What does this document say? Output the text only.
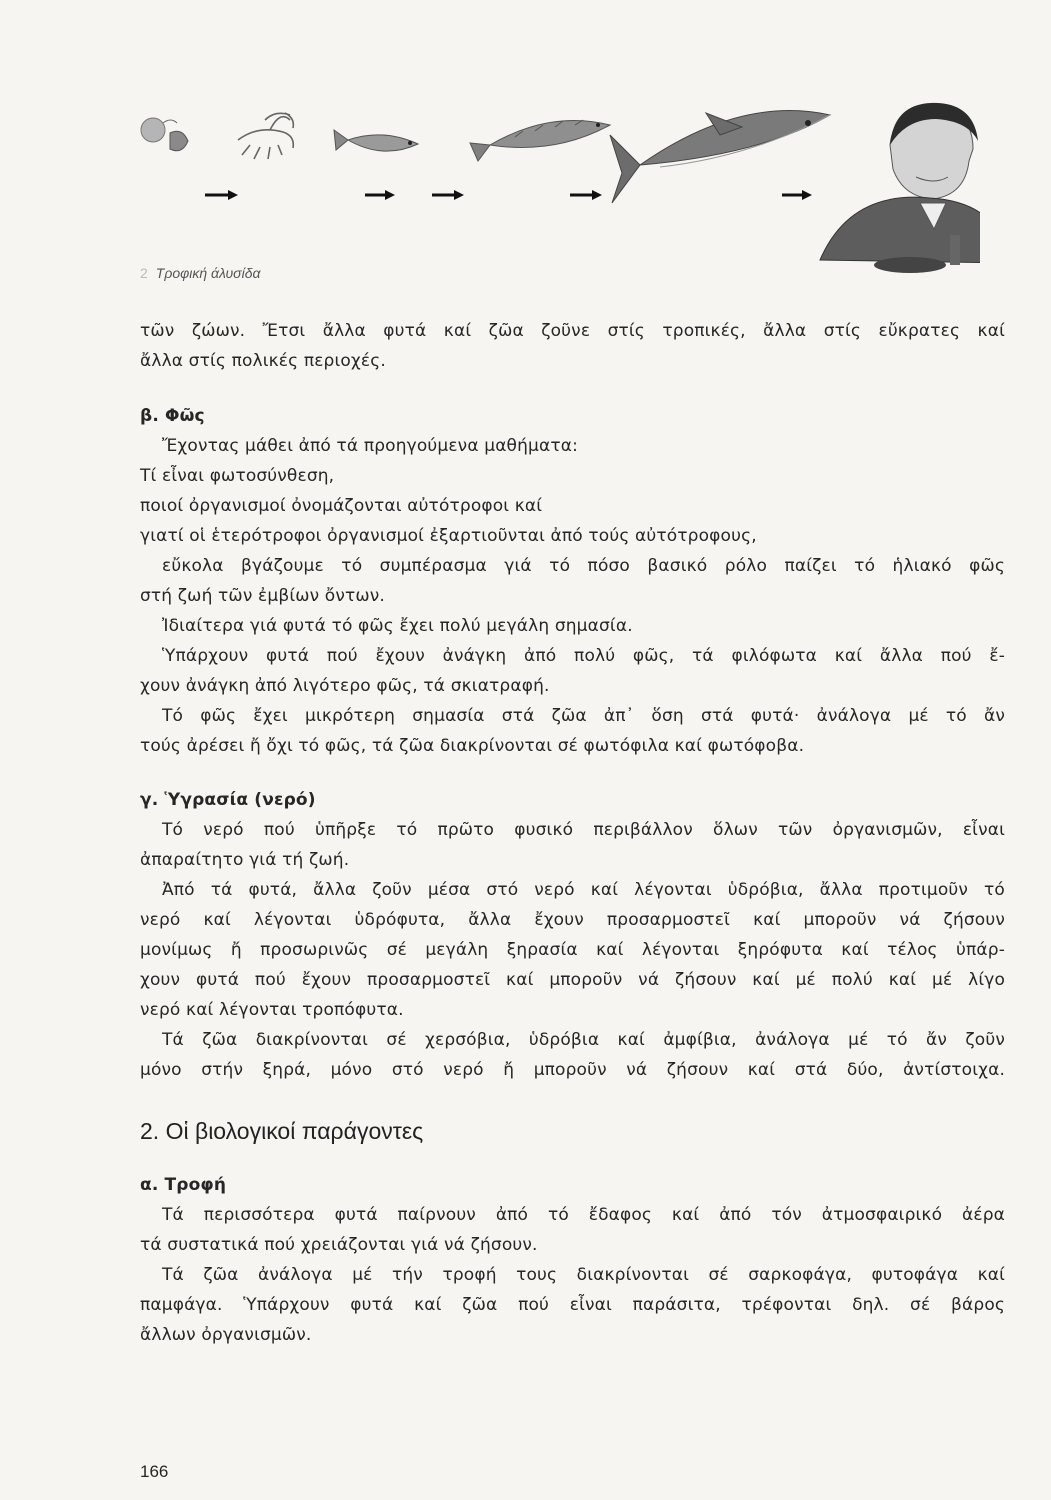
2 Τροφική άλυσίδα
τῶν ζώων. Ἔτσι ἄλλα φυτά καί ζῶα ζοῦνε στίς τροπικές, ἄλλα στίς εὔκρατες καί
ἄλλα στίς πολικές περιοχές.
β. Φῶς
Ἔχοντας μάθει ἀπό τά προηγούμενα μαθήματα:
Τί εἶναι φωτοσύνθεση,
ποιοί ὀργανισμοί ὀνομάζονται αὐτότροφοι καί
γιατί οἱ ἑτερότροφοι ὀργανισμοί ἐξαρτιοῦνται ἀπό τούς αὐτότροφους,
εὔκολα βγάζουμε τό συμπέρασμα γιά τό πόσο βασικό ρόλο παίζει τό ἡλιακό φῶς
στή ζωή τῶν ἐμβίων ὄντων.
Ἰδιαίτερα γιά φυτά τό φῶς ἔχει πολύ μεγάλη σημασία.
Ὑπάρχουν φυτά πού ἔχουν ἀνάγκη ἀπό πολύ φῶς, τά φιλόφωτα καί ἄλλα πού ἔ-
χουν ἀνάγκη ἀπό λιγότερο φῶς, τά σκιατραφή.
Τό φῶς ἔχει μικρότερη σημασία στά ζῶα ἀπ᾿ ὅση στά φυτά· ἀνάλογα μέ τό ἄν
τούς ἀρέσει ἤ ὄχι τό φῶς, τά ζῶα διακρίνονται σέ φωτόφιλα καί φωτόφοβα.
γ. Ὑγρασία (νερό)
Τό νερό πού ὑπῆρξε τό πρῶτο φυσικό περιβάλλον ὅλων τῶν ὀργανισμῶν, εἶναι
ἀπαραίτητο γιά τή ζωή.
Ἀπό τά φυτά, ἄλλα ζοῦν μέσα στό νερό καί λέγονται ὑδρόβια, ἄλλα προτιμοῦν τό
νερό καί λέγονται ὑδρόφυτα, ἄλλα ἔχουν προσαρμοστεῖ καί μποροῦν νά ζήσουν
μονίμως ἤ προσωρινῶς σέ μεγάλη ξηρασία καί λέγονται ξηρόφυτα καί τέλος ὑπάρ-
χουν φυτά πού ἔχουν προσαρμοστεῖ καί μποροῦν νά ζήσουν καί μέ πολύ καί μέ λίγο
νερό καί λέγονται τροπόφυτα.
Τά ζῶα διακρίνονται σέ χερσόβια, ὑδρόβια καί ἀμφίβια, ἀνάλογα μέ τό ἄν ζοῦν
μόνο στήν ξηρά, μόνο στό νερό ἤ μποροῦν νά ζήσουν καί στά δύο, ἀντίστοιχα.
2. Οἱ βιολογικοί παράγοντες
α. Τροφή
Τά περισσότερα φυτά παίρνουν ἀπό τό ἔδαφος καί ἀπό τόν ἀτμοσφαιρικό ἀέρα
τά συστατικά πού χρειάζονται γιά νά ζήσουν.
Τά ζῶα ἀνάλογα μέ τήν τροφή τους διακρίνονται σέ σαρκοφάγα, φυτοφάγα καί
παμφάγα. Ὑπάρχουν φυτά καί ζῶα πού εἶναι παράσιτα, τρέφονται δηλ. σέ βάρος
ἄλλων ὀργανισμῶν.
166
